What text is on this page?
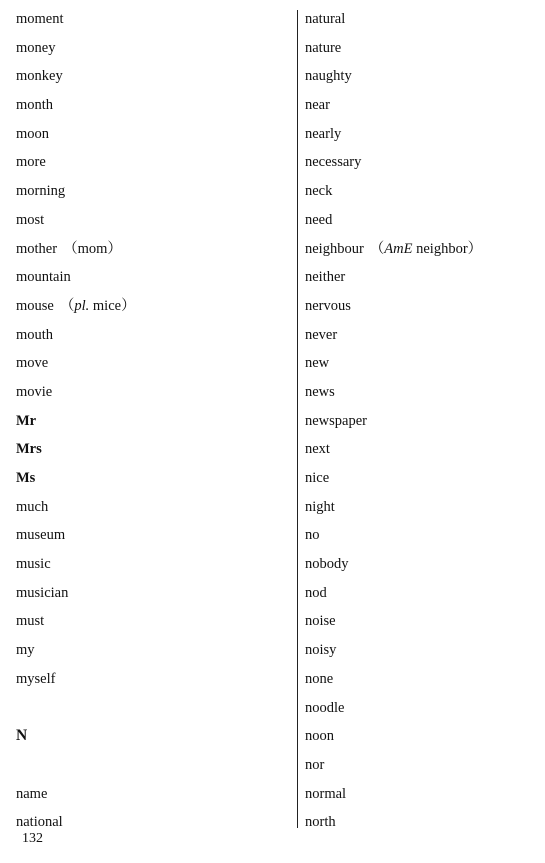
moment
money
monkey
month
moon
more
morning
most
mother （mom）
mountain
mouse （pl. mice）
mouth
move
movie
Mr
Mrs
Ms
much
museum
music
musician
must
my
myself
N
name
national
natural
nature
naughty
near
nearly
necessary
neck
need
neighbour （AmE neighbor）
neither
nervous
never
new
news
newspaper
next
nice
night
no
nobody
nod
noise
noisy
none
noodle
noon
nor
normal
north
132
